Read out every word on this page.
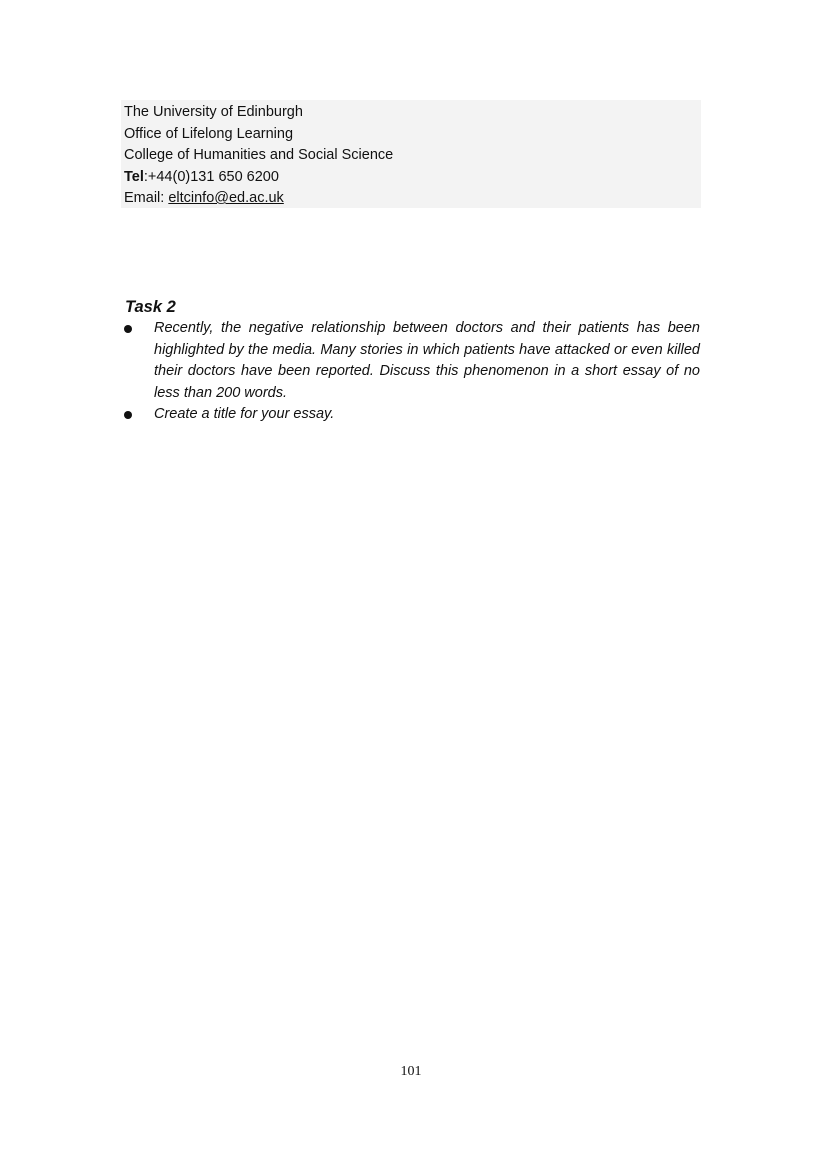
The University of Edinburgh
Office of Lifelong Learning
College of Humanities and Social Science
Tel:+44(0)131 650 6200
Email: eltcinfo@ed.ac.uk
Task 2
Recently, the negative relationship between doctors and their patients has been highlighted by the media. Many stories in which patients have attacked or even killed their doctors have been reported. Discuss this phenomenon in a short essay of no less than 200 words.
Create a title for your essay.
101
